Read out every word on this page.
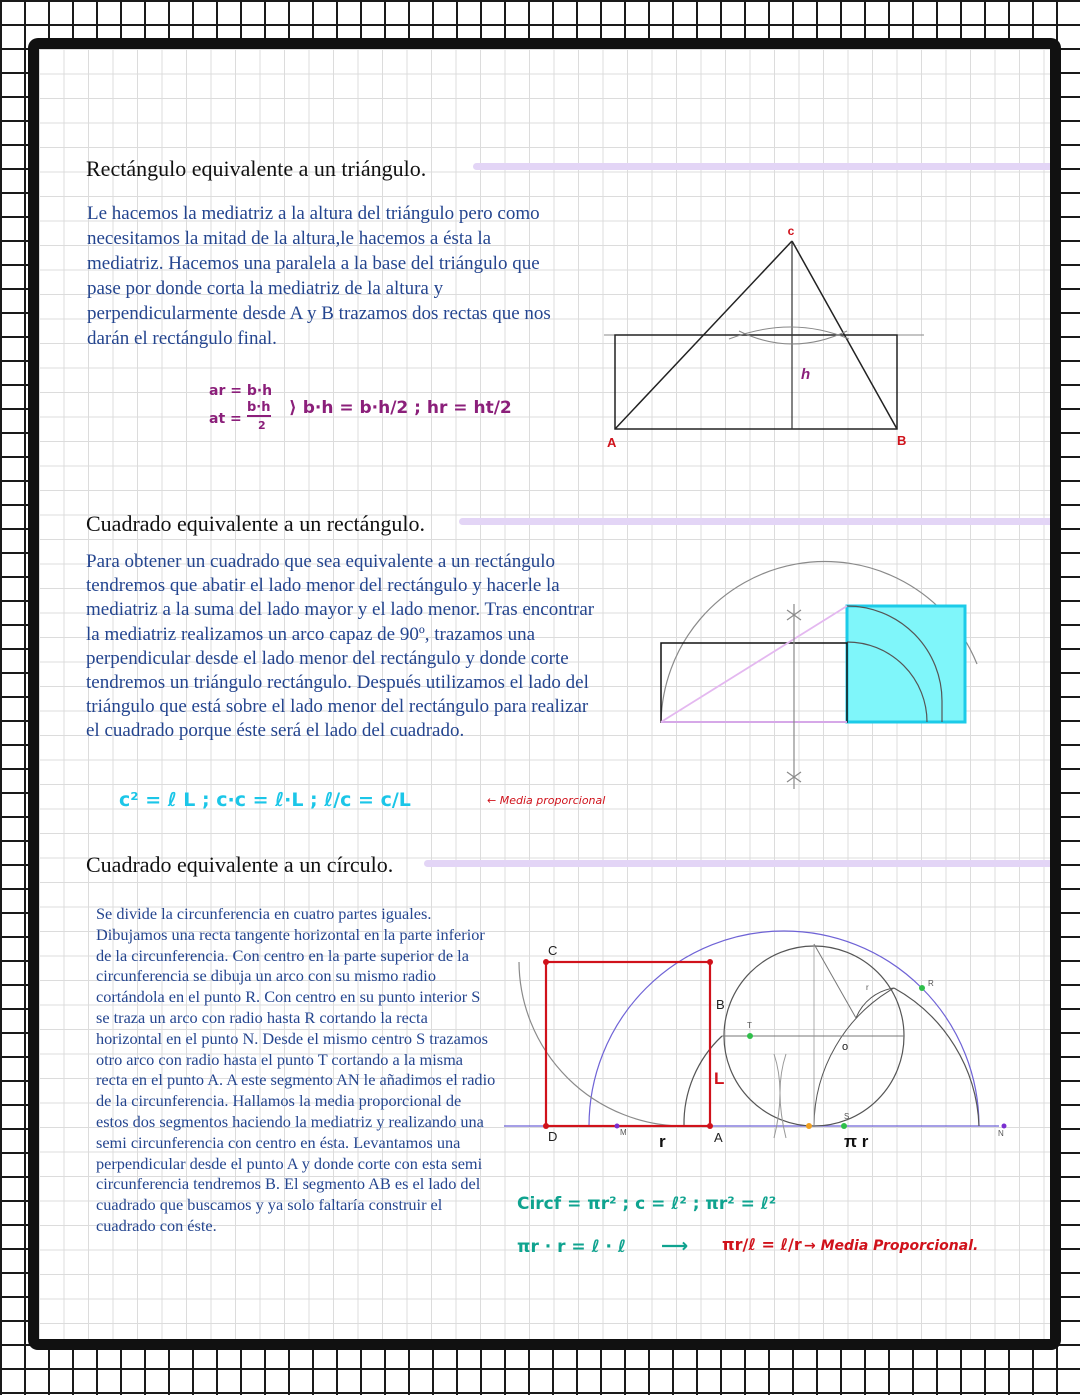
Rectángulo equivalente a un triángulo.

Le hacemos la mediatriz a la altura del triángulo pero como necesitamos la mitad de la altura,le hacemos a ésta la mediatriz. Hacemos una paralela a la base del triángulo que pase por donde corta la mediatriz de la altura y perpendicularmente desde A y B trazamos dos rectas que nos darán el rectángulo final.

ar = b·h
at =
b·h
2
⟩ b·h = b·h/2 ; hr = ht/2
c
h
A	B
Cuadrado equivalente a un rectángulo.

Para obtener un cuadrado que sea equivalente a un rectángulo tendremos que abatir el lado menor del rectángulo y hacerle la mediatriz a la suma del lado mayor y el lado menor. Tras encontrar la mediatriz realizamos un arco capaz de 90º, trazamos una perpendicular desde el lado menor del rectángulo y donde corte tendremos un triángulo rectángulo. Después utilizamos el lado del triángulo que está sobre el lado menor del rectángulo para realizar el cuadrado porque éste será el lado del cuadrado.

c² = ℓ L ; c·c = ℓ·L ; ℓ/c = c/L	← Media proporcional
Cuadrado equivalente a un círculo.

Se divide la circunferencia en cuatro partes iguales. Dibujamos una recta tangente horizontal en la parte inferior de la circunferencia. Con centro en la parte superior de la circunferencia se dibuja un arco con su mismo radio cortándola en el punto R. Con centro en su punto interior S se traza un arco con radio hasta R cortando la recta horizontal en el punto N. Desde el mismo centro S trazamos otro arco con radio hasta el punto T cortando a la misma recta en el punto A. A este segmento AN le añadimos el radio de la circunferencia. Hallamos la media proporcional de estos dos segmentos haciendo la mediatriz y realizando una semi circunferencia con centro en ésta. Levantamos una perpendicular desde el punto A y donde corte con esta semi circunferencia tendremos B. El segmento AB es el lado del cuadrado que buscamos y ya solo faltaría construir el cuadrado con éste.

C
B
L
D	M r	A	π r	N
S
o
T
R
r
Circf = πr² ; c = ℓ² ; πr² = ℓ²
πr · r = ℓ · ℓ ⟶ πr/ℓ = ℓ/r → Media Proporcional.
